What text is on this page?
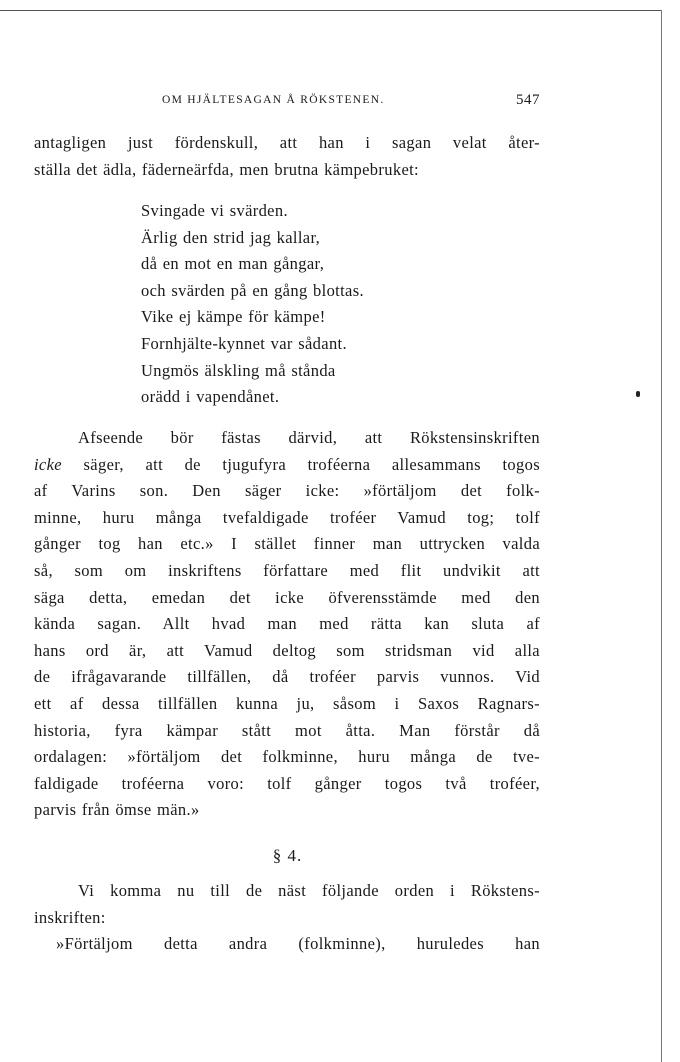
OM HJÄLTESAGAN Å RÖKSTENEN.	547
antagligen just fördenskull, att han i sagan velat åter-
ställa det ädla, fäderneärfda, men brutna kämpebruket:
Svingade vi svärden.
Ärlig den strid jag kallar,
då en mot en man gångar,
och svärden på en gång blottas.
Vike ej kämpe för kämpe!
Fornhjälte-kynnet var sådant.
Ungmös älskling må stånda
orädd i vapendånet.
Afseende bör fästas därvid, att Rökstensinskriften
icke säger, att de tjugufyra troféerna allesammans togos
af Varins son. Den säger icke: »förtäljom det folk-
minne, huru många tvefaldigade troféer Vamud tog; tolf
gånger tog han etc.» I stället finner man uttrycken valda
så, som om inskriftens författare med flit undvikit att
säga detta, emedan det icke öfverensstämde med den
kända sagan. Allt hvad man med rätta kan sluta af
hans ord är, att Vamud deltog som stridsman vid alla
de ifrågavarande tillfällen, då troféer parvis vunnos. Vid
ett af dessa tillfällen kunna ju, såsom i Saxos Ragnars-
historia, fyra kämpar stått mot åtta. Man förstår då
ordalagen: »förtäljom det folkminne, huru många de tve-
faldigade troféerna voro: tolf gånger togos två troféer,
parvis från ömse män.»
§ 4.
Vi komma nu till de näst följande orden i Rökstens-
inskriften:
»Förtäljom detta andra (folkminne), huruledes han
